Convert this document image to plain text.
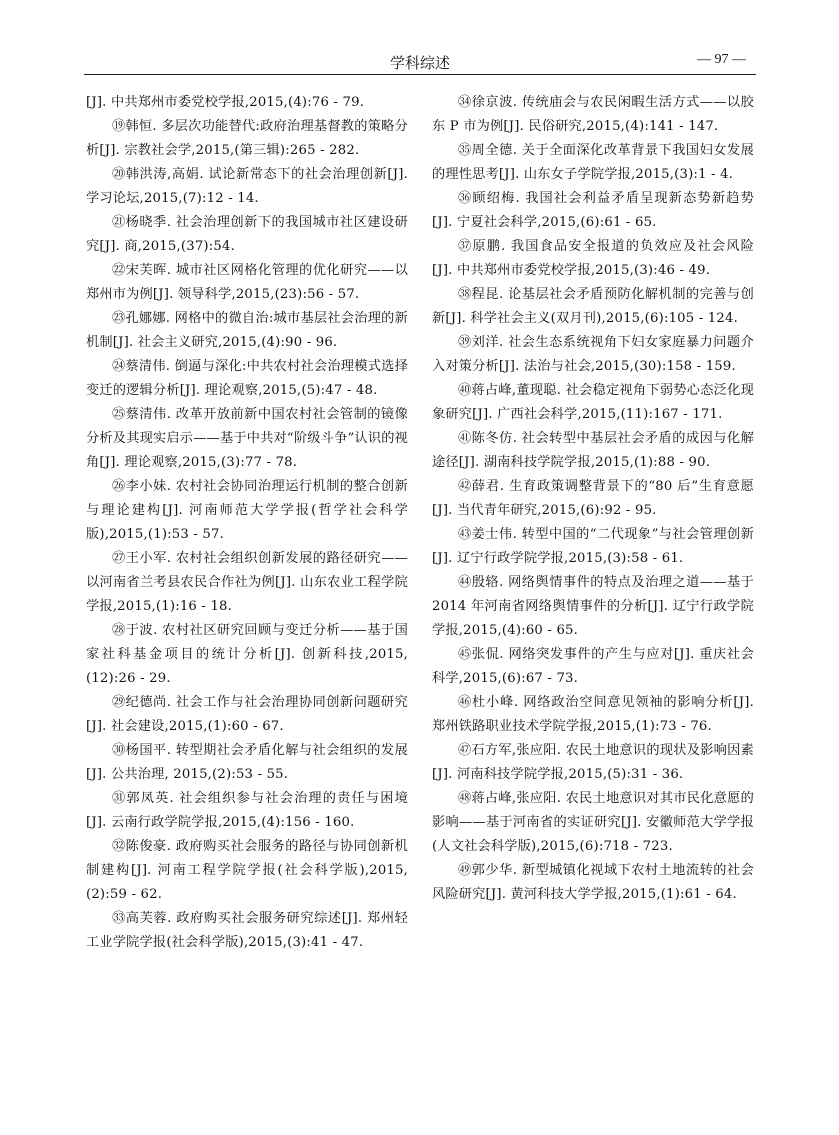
学科综述	— 97 —

[J]. 中共郑州市委党校学报,2015,(4):76 - 79.

⑲韩恒. 多层次功能替代:政府治理基督教的策略分析[J]. 宗教社会学,2015,(第三辑):265 - 282.

⑳韩洪涛,高娟. 试论新常态下的社会治理创新[J]. 学习论坛,2015,(7):12 - 14.

㉑杨晓季. 社会治理创新下的我国城市社区建设研究[J]. 商,2015,(37):54.

㉒宋芙晖. 城市社区网格化管理的优化研究——以郑州市为例[J]. 领导科学,2015,(23):56 - 57.

㉓孔娜娜. 网格中的微自治:城市基层社会治理的新机制[J]. 社会主义研究,2015,(4):90 - 96.

㉔蔡清伟. 倒逼与深化:中共农村社会治理模式选择变迁的逻辑分析[J]. 理论观察,2015,(5):47 - 48.

㉕蔡清伟. 改革开放前新中国农村社会管制的镜像分析及其现实启示——基于中共对“阶级斗争”认识的视角[J]. 理论观察,2015,(3):77 - 78.

㉖李小妹. 农村社会协同治理运行机制的整合创新与理论建构[J]. 河南师范大学学报(哲学社会科学版),2015,(1):53 - 57.

㉗王小军. 农村社会组织创新发展的路径研究——以河南省兰考县农民合作社为例[J]. 山东农业工程学院学报,2015,(1):16 - 18.

㉘于波. 农村社区研究回顾与变迁分析——基于国家社科基金项目的统计分析[J]. 创新科技,2015,(12):26 - 29.

㉙纪德尚. 社会工作与社会治理协同创新问题研究[J]. 社会建设,2015,(1):60 - 67.

㉚杨国平. 转型期社会矛盾化解与社会组织的发展[J]. 公共治理, 2015,(2):53 - 55.

㉛郭凤英. 社会组织参与社会治理的责任与困境[J]. 云南行政学院学报,2015,(4):156 - 160.

㉜陈俊豪. 政府购买社会服务的路径与协同创新机制建构[J]. 河南工程学院学报(社会科学版),2015,(2):59 - 62.

㉝高芙蓉. 政府购买社会服务研究综述[J]. 郑州轻工业学院学报(社会科学版),2015,(3):41 - 47.

㉞徐京波. 传统庙会与农民闲暇生活方式——以胶东 P 市为例[J]. 民俗研究,2015,(4):141 - 147.

㉟周全德. 关于全面深化改革背景下我国妇女发展的理性思考[J]. 山东女子学院学报,2015,(3):1 - 4.

㊱顾绍梅. 我国社会利益矛盾呈现新态势新趋势[J]. 宁夏社会科学,2015,(6):61 - 65.

㊲原鹏. 我国食品安全报道的负效应及社会风险[J]. 中共郑州市委党校学报,2015,(3):46 - 49.

㊳程昆. 论基层社会矛盾预防化解机制的完善与创新[J]. 科学社会主义(双月刊),2015,(6):105 - 124.

㊴刘洋. 社会生态系统视角下妇女家庭暴力问题介入对策分析[J]. 法治与社会,2015,(30):158 - 159.

㊵蒋占峰,董现聪. 社会稳定视角下弱势心态泛化现象研究[J]. 广西社会科学,2015,(11):167 - 171.

㊶陈冬仿. 社会转型中基层社会矛盾的成因与化解途径[J]. 湖南科技学院学报,2015,(1):88 - 90.

㊷薛君. 生育政策调整背景下的“80 后”生育意愿[J]. 当代青年研究,2015,(6):92 - 95.

㊸姜士伟. 转型中国的“二代现象”与社会管理创新[J]. 辽宁行政学院学报,2015,(3):58 - 61.

㊹殷辂. 网络舆情事件的特点及治理之道——基于 2014 年河南省网络舆情事件的分析[J]. 辽宁行政学院学报,2015,(4):60 - 65.

㊺张侃. 网络突发事件的产生与应对[J]. 重庆社会科学,2015,(6):67 - 73.

㊻杜小峰. 网络政治空间意见领袖的影响分析[J]. 郑州铁路职业技术学院学报,2015,(1):73 - 76.

㊼石方军,张应阳. 农民土地意识的现状及影响因素[J]. 河南科技学院学报,2015,(5):31 - 36.

㊽蒋占峰,张应阳. 农民土地意识对其市民化意愿的影响——基于河南省的实证研究[J]. 安徽师范大学学报(人文社会科学版),2015,(6):718 - 723.

㊾郭少华. 新型城镇化视域下农村土地流转的社会风险研究[J]. 黄河科技大学学报,2015,(1):61 - 64.
